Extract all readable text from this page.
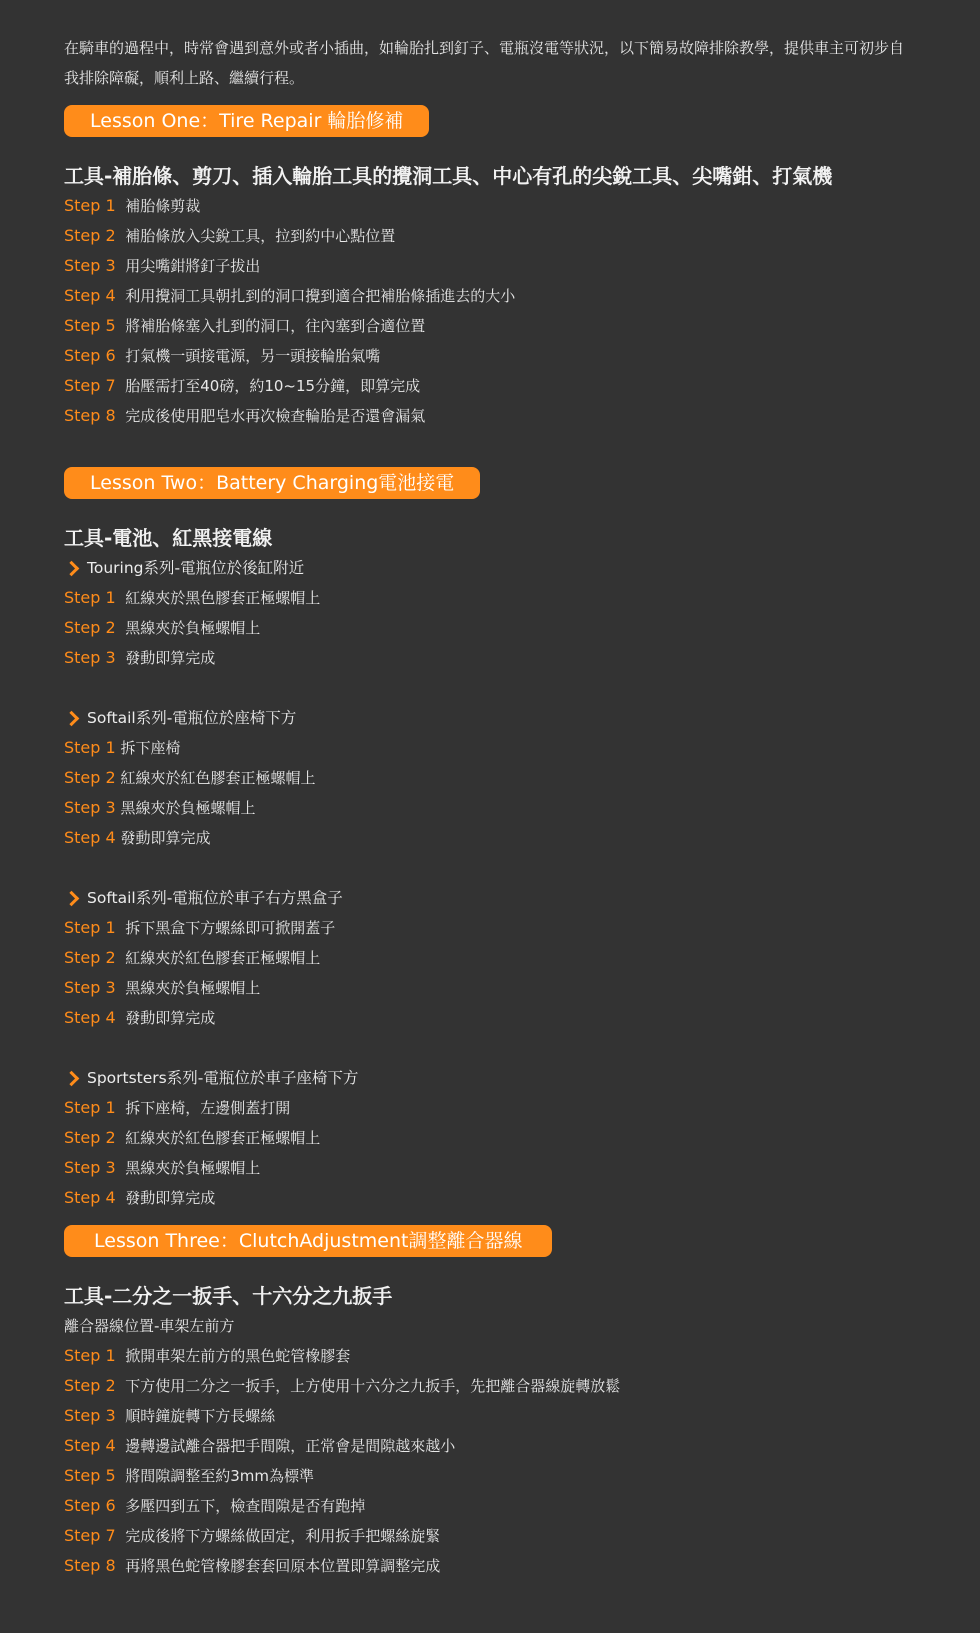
在騎車的過程中，時常會遇到意外或者小插曲，如輪胎扎到釘子、電瓶沒電等狀況，以下簡易故障排除教學，提供車主可初步自我排除障礙，順利上路、繼續行程。

Lesson One：Tire Repair 輪胎修補
工具-補胎條、剪刀、插入輪胎工具的攪洞工具、中心有孔的尖銳工具、尖嘴鉗、打氣機
Step 1 補胎條剪裁
Step 2 補胎條放入尖銳工具，拉到約中心點位置
Step 3 用尖嘴鉗將釘子拔出
Step 4 利用攪洞工具朝扎到的洞口攪到適合把補胎條插進去的大小
Step 5 將補胎條塞入扎到的洞口，往內塞到合適位置
Step 6 打氣機一頭接電源，另一頭接輪胎氣嘴
Step 7 胎壓需打至40磅，約10~15分鐘，即算完成
Step 8 完成後使用肥皂水再次檢查輪胎是否還會漏氣
Lesson Two：Battery Charging電池接電
工具-電池、紅黑接電線
Touring系列-電瓶位於後缸附近
Step 1 紅線夾於黑色膠套正極螺帽上
Step 2 黑線夾於負極螺帽上
Step 3 發動即算完成
Softail系列-電瓶位於座椅下方
Step 1 拆下座椅
Step 2 紅線夾於紅色膠套正極螺帽上
Step 3 黑線夾於負極螺帽上
Step 4 發動即算完成
Softail系列-電瓶位於車子右方黑盒子
Step 1 拆下黑盒下方螺絲即可掀開蓋子
Step 2 紅線夾於紅色膠套正極螺帽上
Step 3 黑線夾於負極螺帽上
Step 4 發動即算完成
Sportsters系列-電瓶位於車子座椅下方
Step 1 拆下座椅，左邊側蓋打開
Step 2 紅線夾於紅色膠套正極螺帽上
Step 3 黑線夾於負極螺帽上
Step 4 發動即算完成
Lesson Three：ClutchAdjustment調整離合器線
工具-二分之一扳手、十六分之九扳手
離合器線位置-車架左前方
Step 1 掀開車架左前方的黑色蛇管橡膠套
Step 2 下方使用二分之一扳手，上方使用十六分之九扳手，先把離合器線旋轉放鬆
Step 3 順時鐘旋轉下方長螺絲
Step 4 邊轉邊試離合器把手間隙，正常會是間隙越來越小
Step 5 將間隙調整至約3mm為標準
Step 6 多壓四到五下，檢查間隙是否有跑掉
Step 7 完成後將下方螺絲做固定，利用扳手把螺絲旋緊
Step 8 再將黑色蛇管橡膠套套回原本位置即算調整完成
